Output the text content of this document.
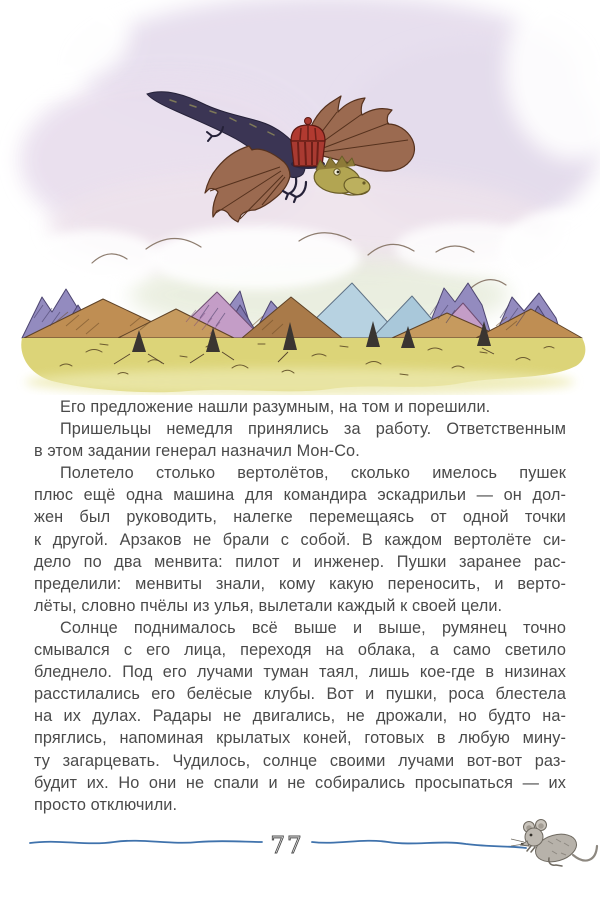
Его предложение нашли разумным, на том и порешили.

Пришельцы немедля принялись за работу. Ответственным

в этом задании генерал назначил Мон-Со.

Полетело столько вертолётов, сколько имелось пушек

плюс ещё одна машина для командира эскадрильи — он дол-

жен был руководить, налегке перемещаясь от одной точки

к другой. Арзаков не брали с собой. В каждом вертолёте си-

дело по два менвита: пилот и инженер. Пушки заранее рас-

пределили: менвиты знали, кому какую переносить, и верто-

лёты, словно пчёлы из улья, вылетали каждый к своей цели.

Солнце поднималось всё выше и выше, румянец точно

смывался с его лица, переходя на облака, а само светило

бледнело. Под его лучами туман таял, лишь кое-где в низинах

расстилались его белёсые клубы. Вот и пушки, роса блестела

на их дулах. Радары не двигались, не дрожали, но будто на-

пряглись, напоминая крылатых коней, готовых в любую мину-

ту загарцевать. Чудилось, солнце своими лучами вот-вот раз-

будит их. Но они не спали и не собирались просыпаться — их

просто отключили.

77
